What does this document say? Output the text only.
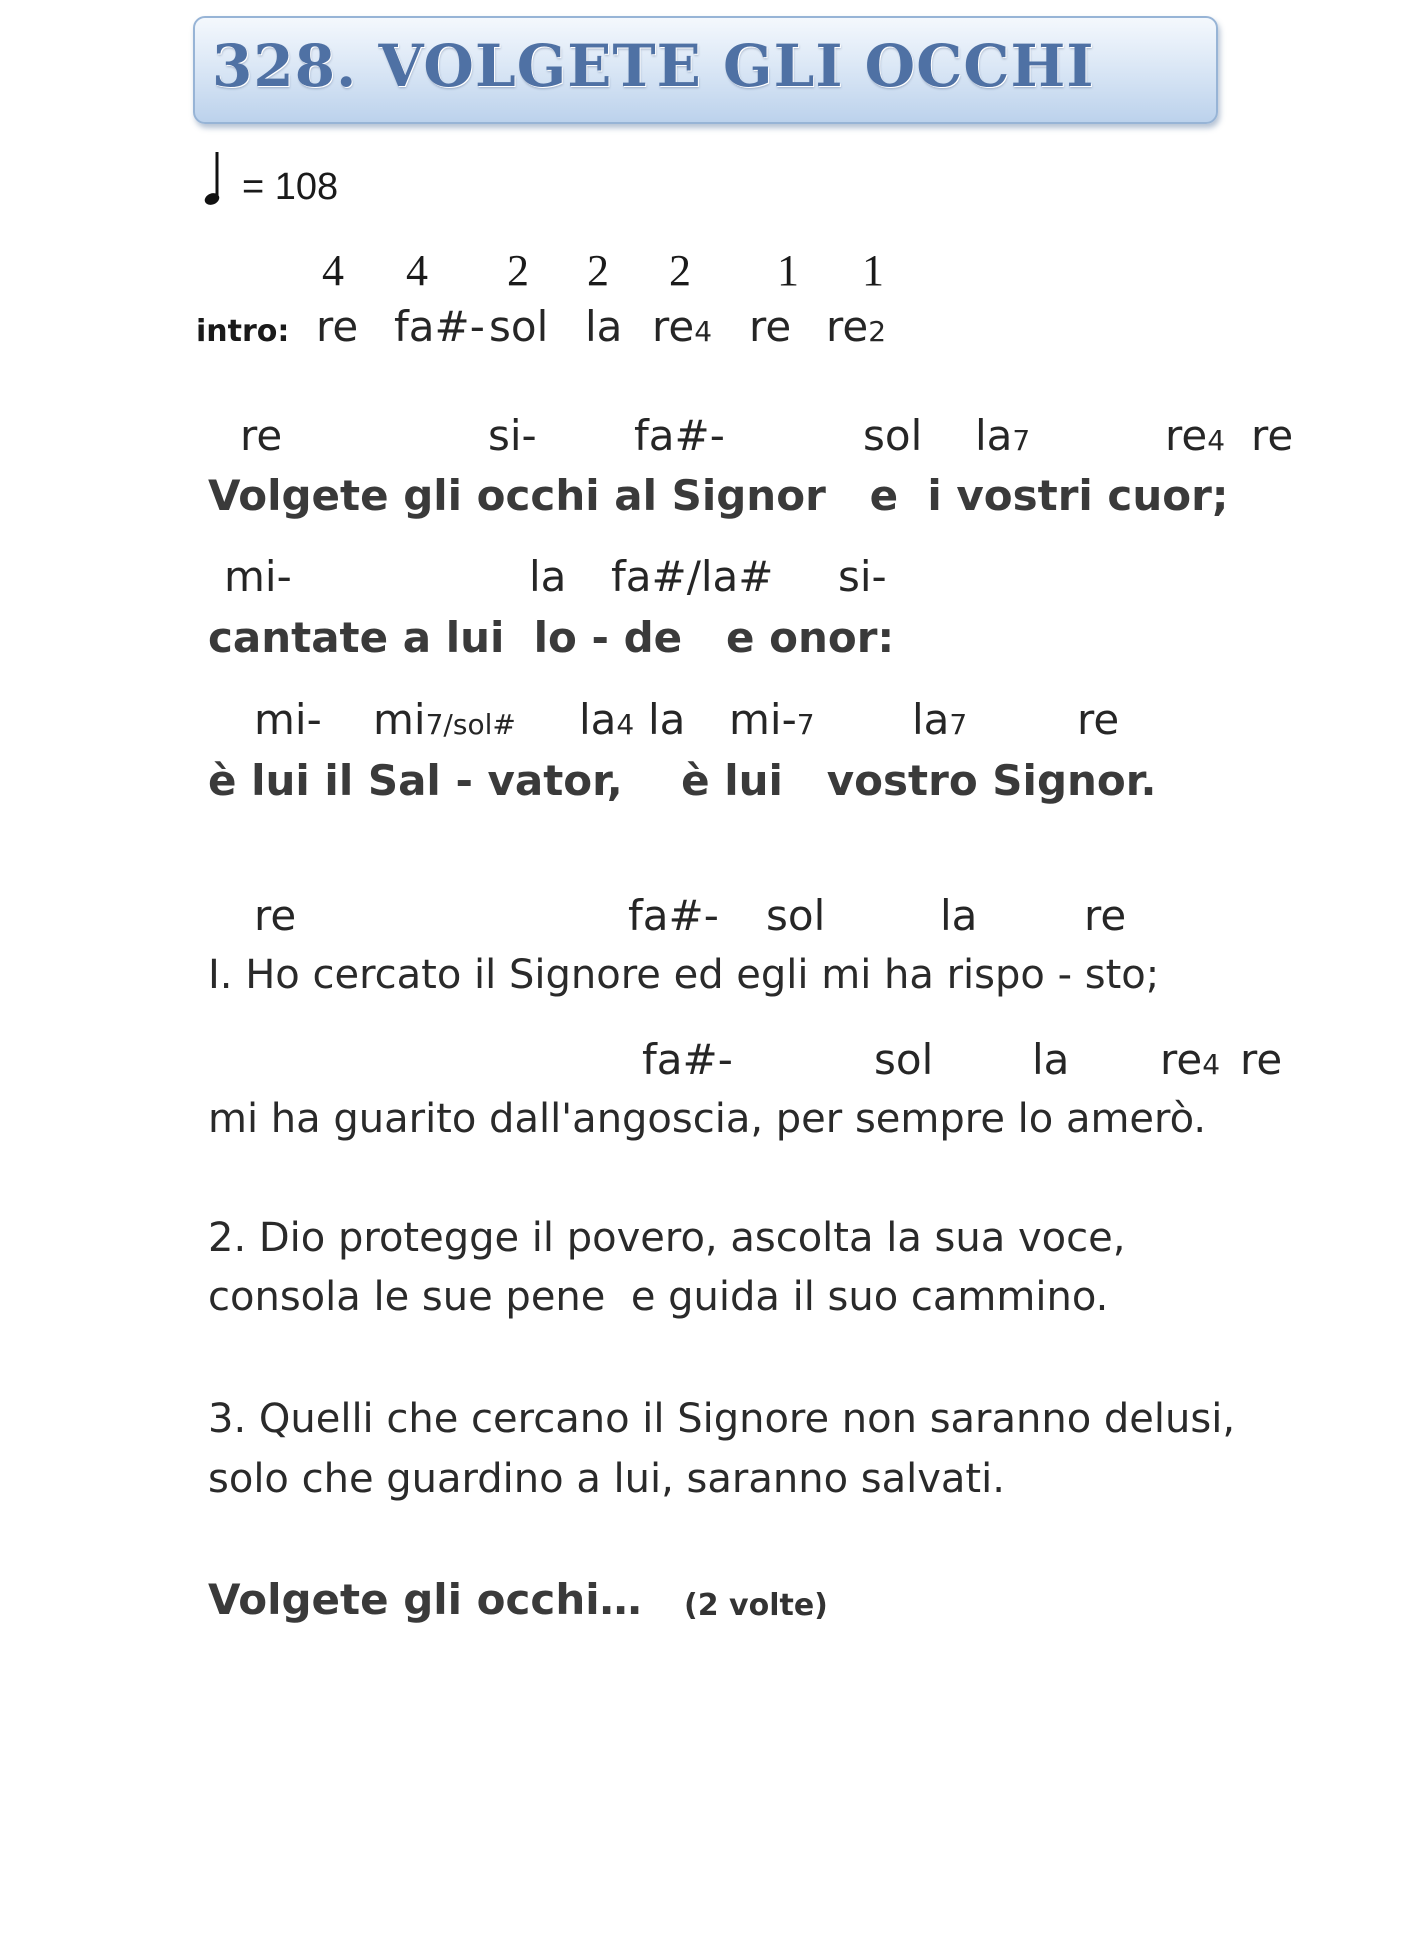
328. VOLGETE GLI OCCHI
= 108
4 4 2 2 2 1 1
intro: re fa#- sol la re4 re re2
re	si- fa#-	sol la7	re4 re
Volgete gli occhi al Signor   e  i vostri cuor;
mi-	la fa#/la# si-
cantate a lui  lo - de   e onor:
mi- mi7/sol# la4 la mi-7 la7	re
è lui il Sal - vator,    è lui   vostro Signor.
re	fa#- sol	la	re
I. Ho cercato il Signore ed egli mi ha rispo - sto;
fa#-	sol la re4 re
mi ha guarito dall'angoscia, per sempre lo amerò.
2. Dio protegge il povero, ascolta la sua voce,
consola le sue pene  e guida il suo cammino.
3. Quelli che cercano il Signore non saranno delusi,
solo che guardino a lui, saranno salvati.
Volgete gli occhi… (2 volte)
